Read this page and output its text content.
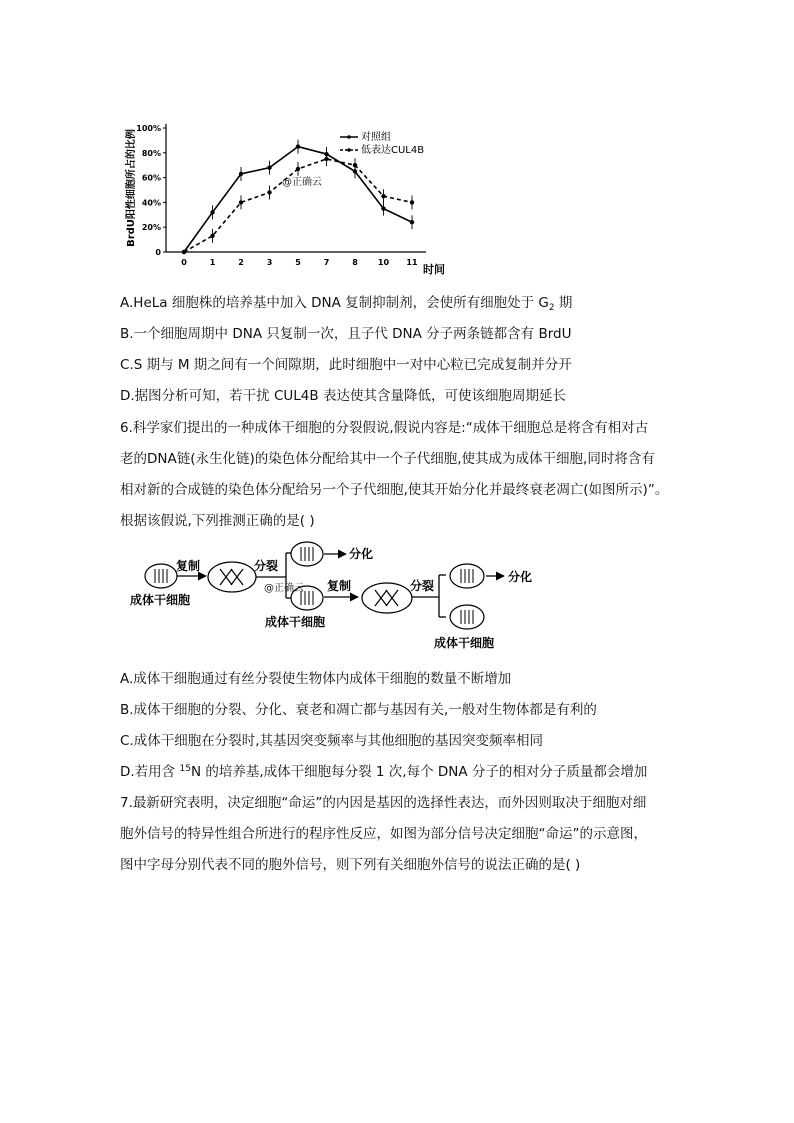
0
20%
40%
60%
80%
100%
0	1	2	3	5	7	8	10 11
BrdU阳性细胞所占的比例
时间
对照组
低表达CUL4B
@正确云
A.HeLa 细胞株的培养基中加入 DNA 复制抑制剂，会使所有细胞处于 $G_2$ 期
B.一个细胞周期中 DNA 只复制一次，且子代 DNA 分子两条链都含有 BrdU
C.S 期与 M 期之间有一个间隙期，此时细胞中一对中心粒已完成复制并分开
D.据图分析可知，若干扰 CUL4B 表达使其含量降低，可使该细胞周期延长
6.科学家们提出的一种成体干细胞的分裂假说,假说内容是:“成体干细胞总是将含有相对古
老的DNA链(永生化链)的染色体分配给其中一个子代细胞,使其成为成体干细胞,同时将含有
相对新的合成链的染色体分配给另一个子代细胞,使其开始分化并最终衰老凋亡(如图所示)”。
根据该假说,下列推测正确的是( )
成体干细胞
复制	分裂
分化
@正确云
成体干细胞
复制	分裂
分化
成体干细胞
A.成体干细胞通过有丝分裂使生物体内成体干细胞的数量不断增加
B.成体干细胞的分裂、分化、衰老和凋亡都与基因有关,一般对生物体都是有利的
C.成体干细胞在分裂时,其基因突变频率与其他细胞的基因突变频率相同
D.若用含 $^{15}$N 的培养基,成体干细胞每分裂 1 次,每个 DNA 分子的相对分子质量都会增加
7.最新研究表明，决定细胞“命运”的内因是基因的选择性表达，而外因则取决于细胞对细
胞外信号的特异性组合所进行的程序性反应，如图为部分信号决定细胞“命运”的示意图，
图中字母分别代表不同的胞外信号，则下列有关细胞外信号的说法正确的是( )
